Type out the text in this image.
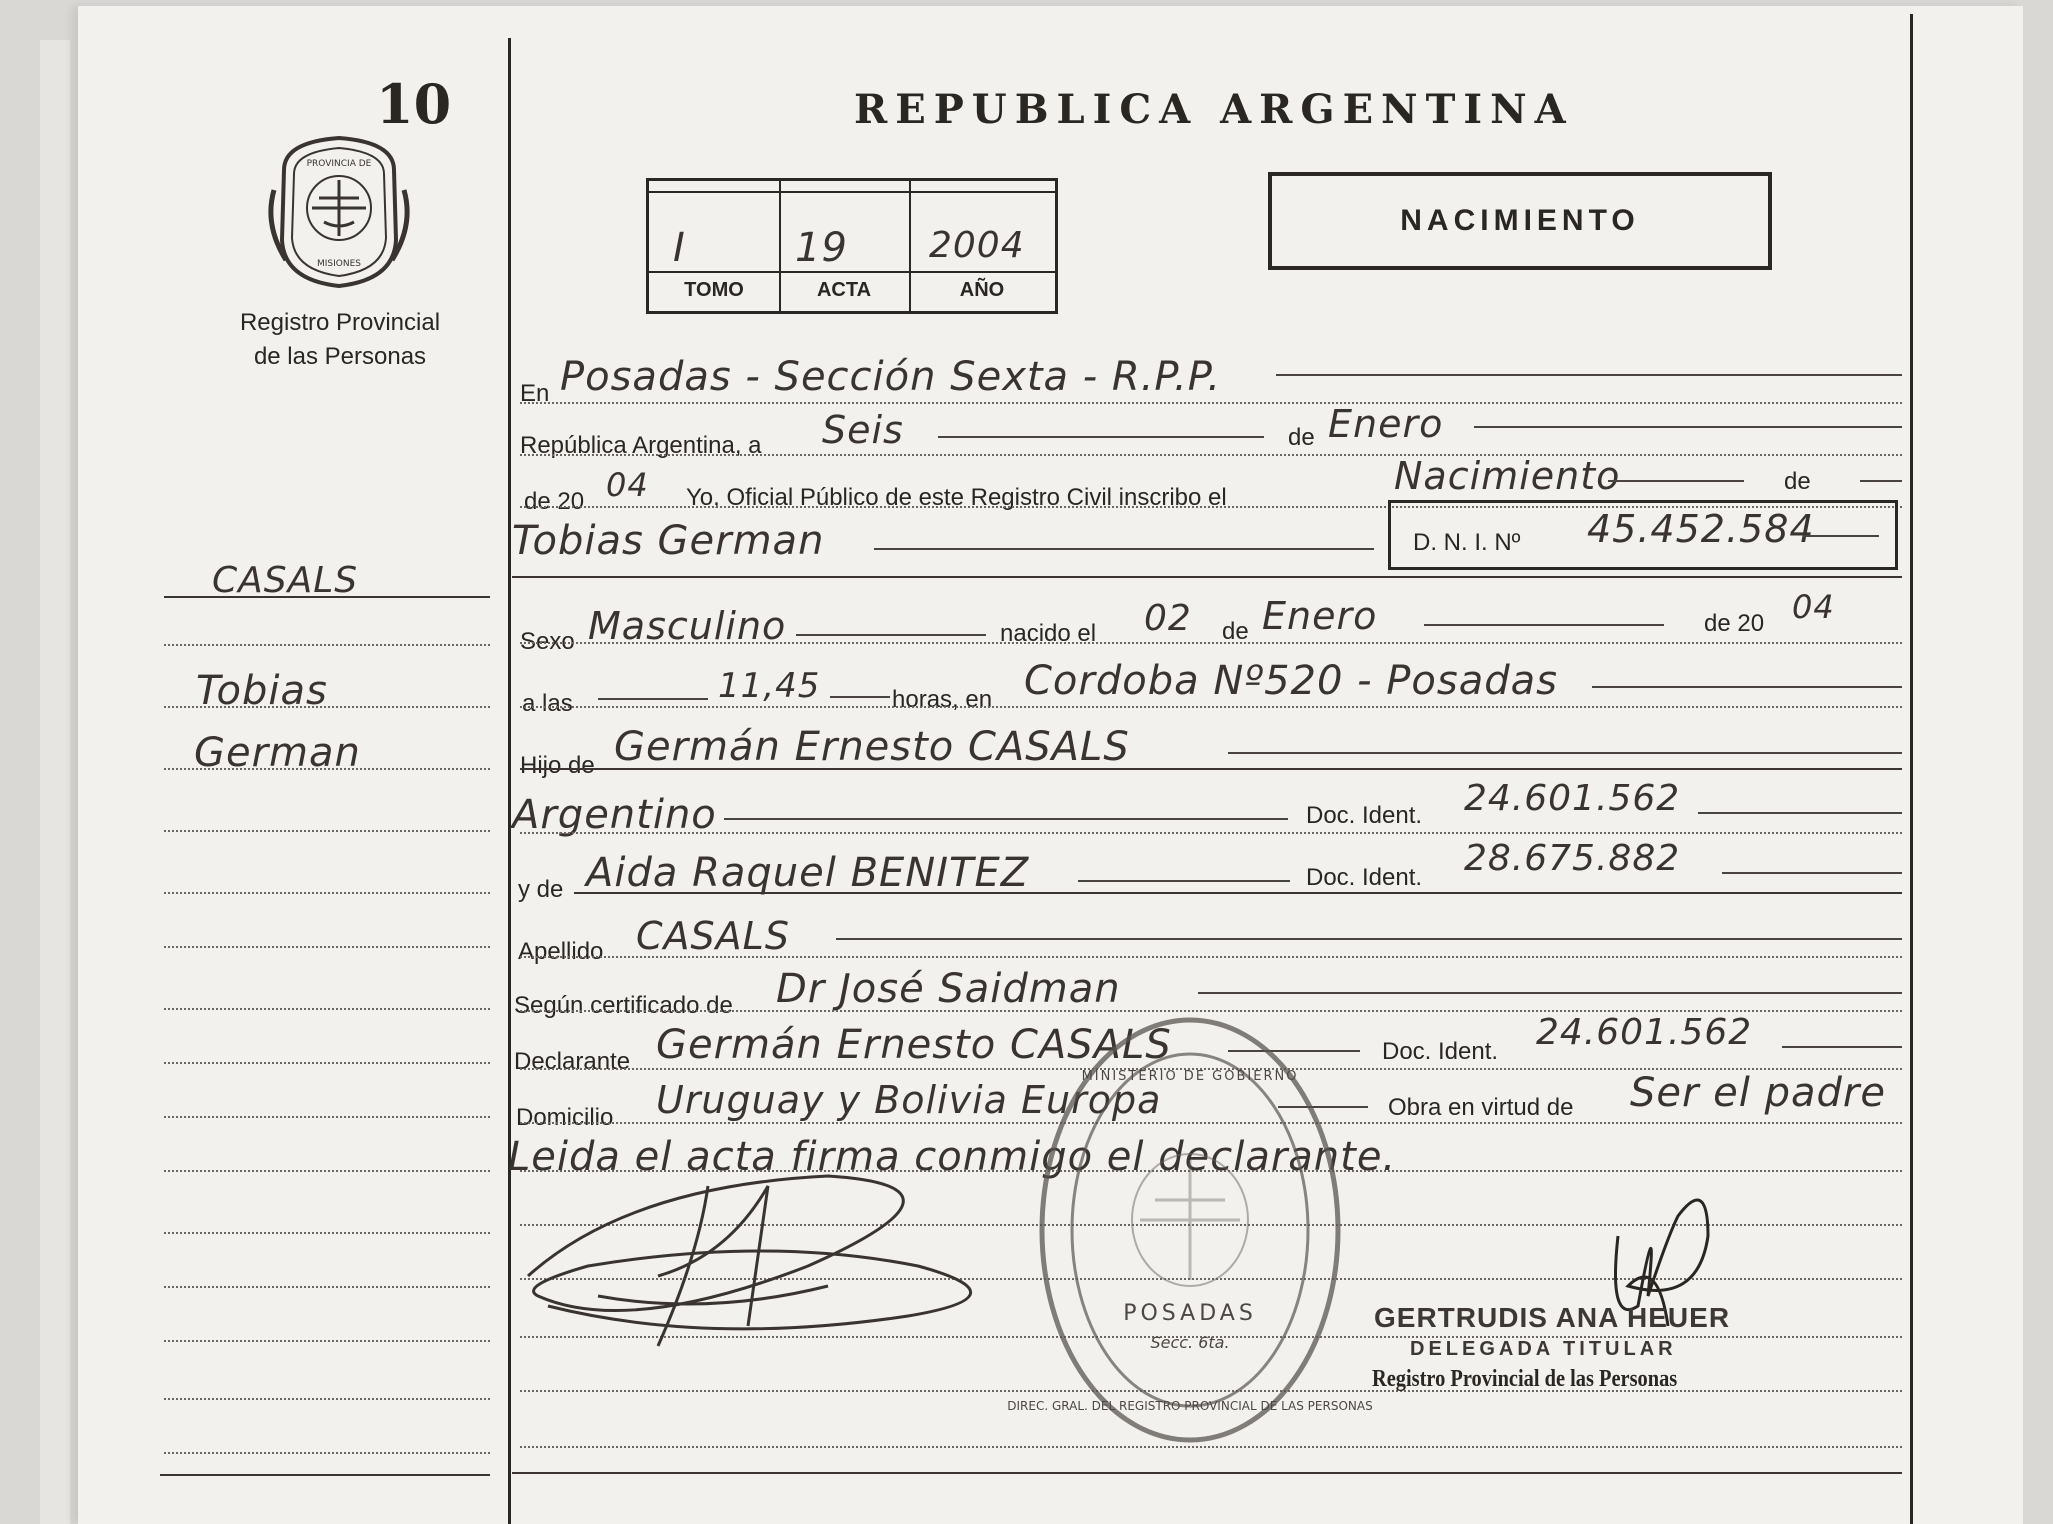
10
PROVINCIA DE
MISIONES
Registro Provincial
de las Personas
CASALS
Tobias
German
REPUBLICA ARGENTINA
I	19 2004
TOMO	ACTA	AÑO
NACIMIENTO
En Posadas - Sección Sexta - R.P.P.
República Argentina, a Seis	de Enero
de 20 04 Yo, Oficial Público de este Registro Civil inscribo el	Nacimiento	de
Tobias German	D. N. I. Nº 45.452.584
Sexo Masculino	nacido el 02 de Enero	de 20 04
a las	11,45	horas, en Cordoba Nº520 - Posadas
Hijo de Germán Ernesto CASALS
Argentino	Doc. Ident. 24.601.562
y de Aida Raquel BENITEZ	Doc. Ident. 28.675.882
Apellido CASALS
Según certificado de Dr José Saidman
Declarante Germán Ernesto CASALS	Doc. Ident. 24.601.562
Domicilio Uruguay y Bolivia Europa	Obra en virtud de Ser el padre
Leida el acta firma conmigo el declarante.
POSADAS
Secc. 6ta.
MINISTERIO DE GOBIERNO
DIREC. GRAL. DEL REGISTRO PROVINCIAL DE LAS PERSONAS
GERTRUDIS ANA HEUER
DELEGADA TITULAR
Registro Provincial de las Personas
